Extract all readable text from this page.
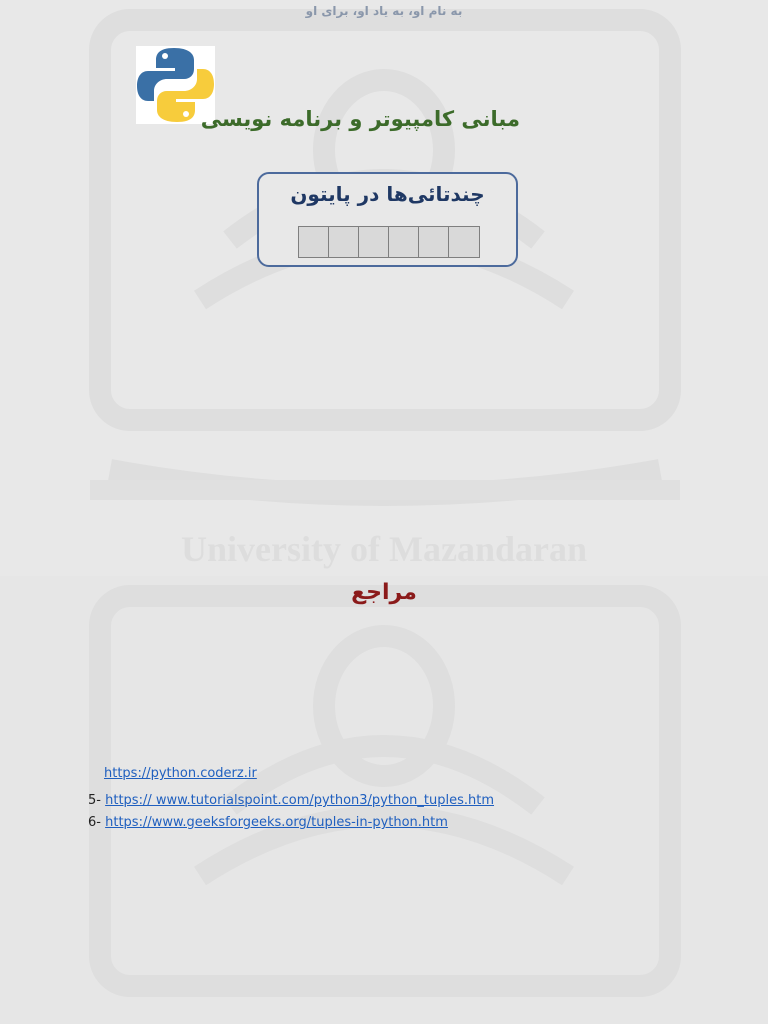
University of Mazandaran
به نام او، به یاد او، برای او
مبانی کامپیوتر و برنامه نویسی
چندتائی‌ها در پایتون
مراجع
https://python.coderz.ir
5- https:// www.tutorialspoint.com/python3/python_tuples.htm
6- https://www.geeksforgeeks.org/tuples-in-python.htm
